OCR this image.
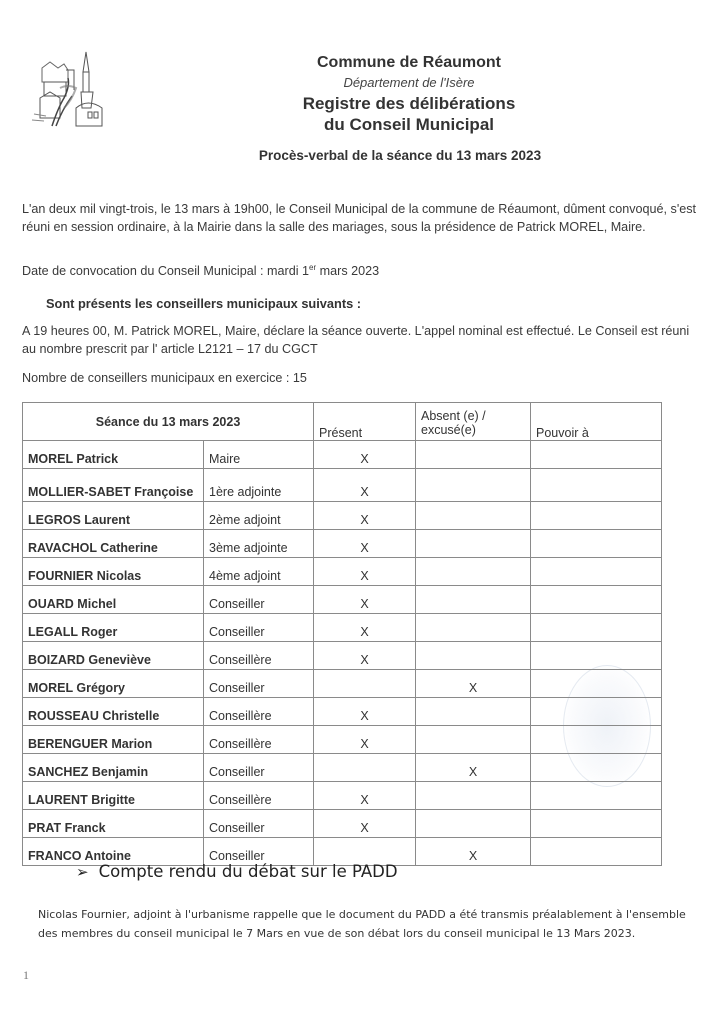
Commune de Réaumont
Département de l'Isère
Registre des délibérations
du Conseil Municipal
Procès-verbal de la séance du 13 mars 2023
L'an deux mil vingt-trois, le 13 mars à 19h00, le Conseil Municipal de la commune de Réaumont, dûment convoqué, s'est réuni en session ordinaire, à la Mairie dans la salle des mariages, sous la présidence de Patrick MOREL, Maire.
Date de convocation du Conseil Municipal : mardi 1er mars 2023
Sont présents les conseillers municipaux suivants :
A 19 heures 00, M. Patrick MOREL, Maire, déclare la séance ouverte. L'appel nominal est effectué. Le Conseil est réuni au nombre prescrit par l' article L2121 – 17 du CGCT
Nombre de conseillers municipaux en exercice : 15
Séance du 13 mars 2023		Présent	Absent (e) /
excusé(e)	Pouvoir à
MOREL Patrick	Maire	X		
MOLLIER-SABET Françoise	1ère adjointe	X		
LEGROS Laurent	2ème adjoint	X		
RAVACHOL Catherine	3ème adjointe	X		
FOURNIER Nicolas	4ème adjoint	X		
OUARD Michel	Conseiller	X		
LEGALL Roger	Conseiller	X		
BOIZARD Geneviève	Conseillère	X		
MOREL Grégory	Conseiller		X	
ROUSSEAU Christelle	Conseillère	X		
BERENGUER Marion	Conseillère	X		
SANCHEZ Benjamin	Conseiller		X	
LAURENT Brigitte	Conseillère	X		
PRAT Franck	Conseiller	X		
FRANCO Antoine	Conseiller		X	
➢ Compte rendu du débat sur le PADD
Nicolas Fournier, adjoint à l'urbanisme rappelle que le document du PADD a été transmis préalablement à l'ensemble des membres du conseil municipal le 7 Mars en vue de son débat lors du conseil municipal le 13 Mars 2023.
1
